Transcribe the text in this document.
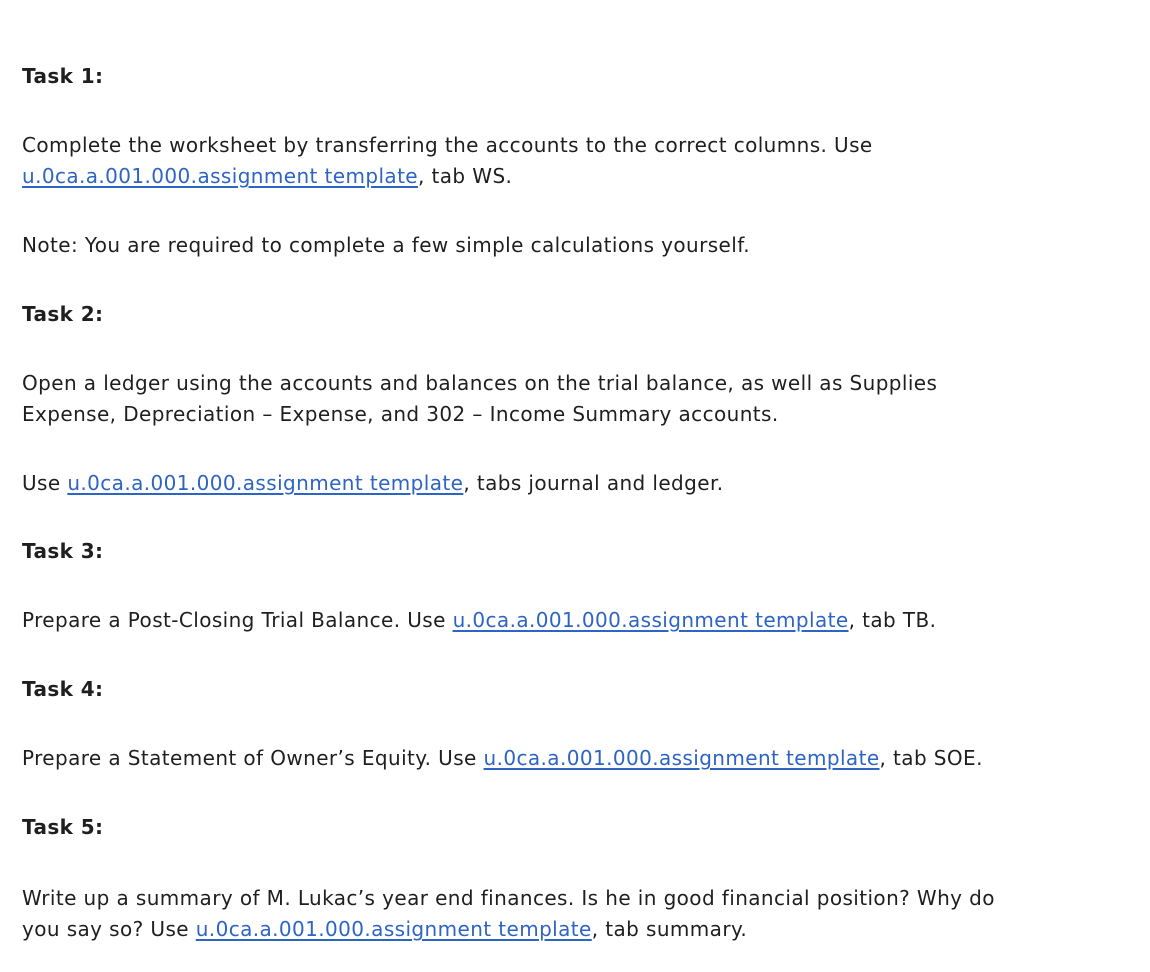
Task 1:

Complete the worksheet by transferring the accounts to the correct columns. Use
u.0ca.a.001.000.assignment template, tab WS.

Note: You are required to complete a few simple calculations yourself.

Task 2:

Open a ledger using the accounts and balances on the trial balance, as well as Supplies
Expense, Depreciation – Expense, and 302 – Income Summary accounts.

Use u.0ca.a.001.000.assignment template, tabs journal and ledger.

Task 3:

Prepare a Post-Closing Trial Balance. Use u.0ca.a.001.000.assignment template, tab TB.

Task 4:

Prepare a Statement of Owner’s Equity. Use u.0ca.a.001.000.assignment template, tab SOE.

Task 5:

Write up a summary of M. Lukac’s year end finances. Is he in good financial position? Why do
you say so? Use u.0ca.a.001.000.assignment template, tab summary.
